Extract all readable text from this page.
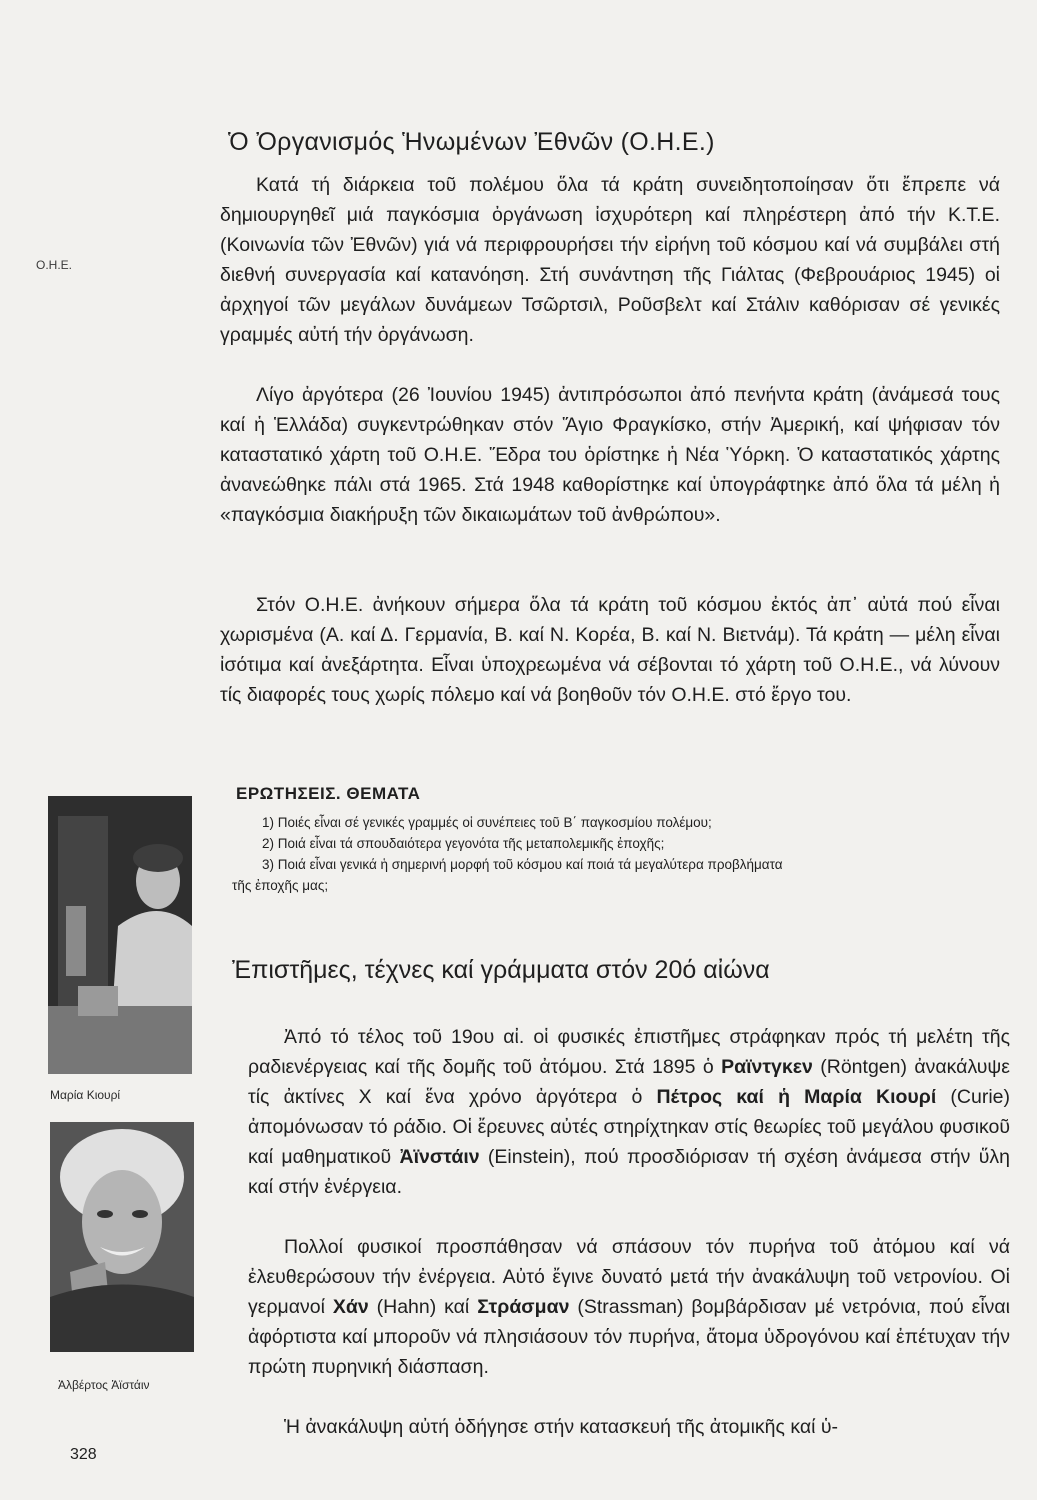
Ο.Η.Ε.
Ὁ Ὀργανισμός Ἡνωμένων Ἐθνῶν (Ο.Η.Ε.)

Κατά τή διάρκεια τοῦ πολέμου ὅλα τά κράτη συνειδητοποίησαν ὅτι ἔπρεπε νά δημιουργηθεῖ μιά παγκόσμια ὀργάνωση ἰσχυρότερη καί πληρέστερη ἀπό τήν Κ.Τ.Ε. (Κοινωνία τῶν Ἐθνῶν) γιά νά περιφρουρήσει τήν εἰρήνη τοῦ κόσμου καί νά συμβάλει στή διεθνή συνεργασία καί κατανόηση. Στή συνάντηση τῆς Γιάλτας (Φεβρουάριος 1945) οἱ ἀρχηγοί τῶν μεγάλων δυνάμεων Τσῶρτσιλ, Ροῦσβελτ καί Στάλιν καθόρισαν σέ γενικές γραμμές αὐτή τήν ὀργάνωση.

Λίγο ἀργότερα (26 Ἰουνίου 1945) ἀντιπρόσωποι ἀπό πενήντα κράτη (ἀνάμεσά τους καί ἡ Ἑλλάδα) συγκεντρώθηκαν στόν Ἅγιο Φραγκίσκο, στήν Ἀμερική, καί ψήφισαν τόν καταστατικό χάρτη τοῦ Ο.Η.Ε. Ἕδρα του ὁρίστηκε ἡ Νέα Ὑόρκη. Ὁ καταστατικός χάρτης ἀνανεώθηκε πάλι στά 1965. Στά 1948 καθορίστηκε καί ὑπογράφτηκε ἀπό ὅλα τά μέλη ἡ «παγκόσμια διακήρυξη τῶν δικαιωμάτων τοῦ ἀνθρώπου».

Στόν Ο.Η.Ε. ἀνήκουν σήμερα ὅλα τά κράτη τοῦ κόσμου ἐκτός ἀπ᾽ αὐτά πού εἶναι χωρισμένα (Α. καί Δ. Γερμανία, Β. καί Ν. Κορέα, Β. καί Ν. Βιετνάμ). Τά κράτη — μέλη εἶναι ἰσότιμα καί ἀνεξάρτητα. Εἶναι ὑποχρεωμένα νά σέβονται τό χάρτη τοῦ Ο.Η.Ε., νά λύνουν τίς διαφορές τους χωρίς πόλεμο καί νά βοηθοῦν τόν Ο.Η.Ε. στό ἔργο του.

ΕΡΩΤΗΣΕΙΣ. ΘΕΜΑΤΑ
1) Ποιές εἶναι σέ γενικές γραμμές οἱ συνέπειες τοῦ Β΄ παγκοσμίου πολέμου;
2) Ποιά εἶναι τά σπουδαιότερα γεγονότα τῆς μεταπολεμικῆς ἐποχῆς;
3) Ποιά εἶναι γενικά ἡ σημερινή μορφή τοῦ κόσμου καί ποιά τά μεγαλύτερα προβλήματα
τῆς ἐποχῆς μας;
Ἐπιστῆμες, τέχνες καί γράμματα στόν 20ό αἰώνα

Ἀπό τό τέλος τοῦ 19ου αἰ. οἱ φυσικές ἐπιστῆμες στράφηκαν πρός τή μελέτη τῆς ραδιενέργειας καί τῆς δομῆς τοῦ ἀτόμου. Στά 1895 ὁ Ραϊντγκεν (Röntgen) ἀνακάλυψε τίς ἀκτίνες Χ καί ἕνα χρόνο ἀργότερα ὁ Πέτρος καί ἡ Μαρία Κιουρί (Curie) ἀπομόνωσαν τό ράδιο. Οἱ ἔρευνες αὐτές στηρίχτηκαν στίς θεωρίες τοῦ μεγάλου φυσικοῦ καί μαθηματικοῦ Ἀϊνστάιν (Einstein), πού προσδιόρισαν τή σχέση ἀνάμεσα στήν ὕλη καί στήν ἐνέργεια.

Πολλοί φυσικοί προσπάθησαν νά σπάσουν τόν πυρήνα τοῦ ἀτόμου καί νά ἐλευθερώσουν τήν ἐνέργεια. Αὐτό ἔγινε δυνατό μετά τήν ἀνακάλυψη τοῦ νετρονίου. Οἱ γερμανοί Χάν (Hahn) καί Στράσμαν (Strassman) βομβάρδισαν μέ νετρόνια, πού εἶναι ἀφόρτιστα καί μποροῦν νά πλησιάσουν τόν πυρήνα, ἄτομα ὑδρογόνου καί ἐπέτυχαν τήν πρώτη πυρηνική διάσπαση.

Ἡ ἀνακάλυψη αὐτή ὁδήγησε στήν κατασκευή τῆς ἀτομικῆς καί ὑ-

Μαρία Κιουρί
Ἀλβέρτος Ἀϊστάιν
328
